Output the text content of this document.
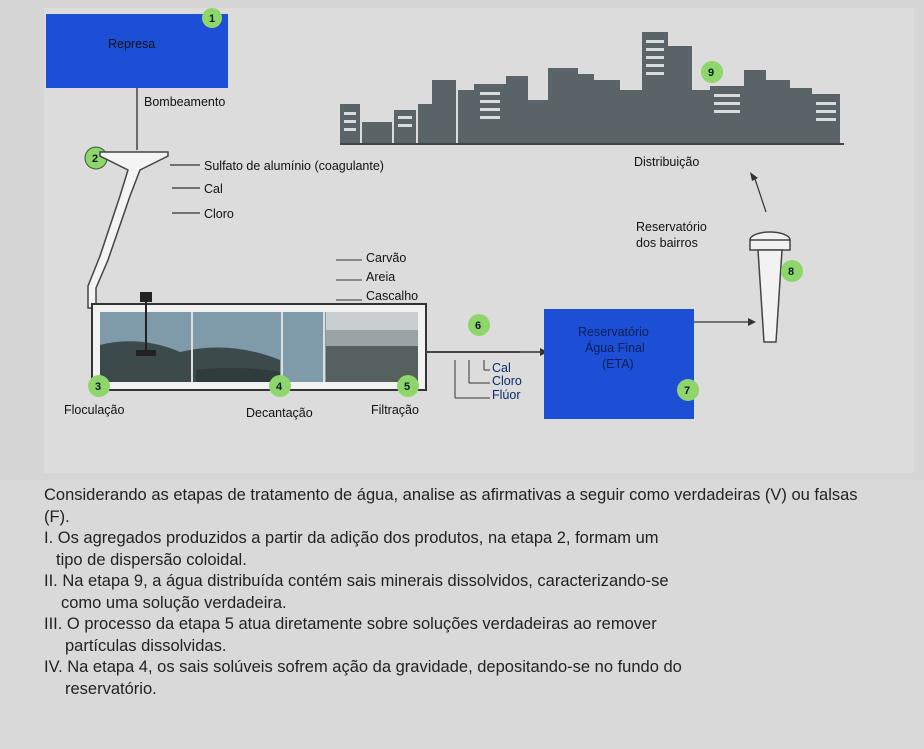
Represa
1
Bombeamento
2	Sulfato de alumínio (coagulante)
Cal
Cloro
Carvão
Areia
Cascalho
6
Cal
Cloro
Flúor
3	4	5
Floculação	Decantação	Filtração
Reservatório
Água Final
(ETA)
7
8
Reservatório
dos bairros
Distribuição
9

Considerando as etapas de tratamento de água, analise as afirmativas a seguir como verdadeiras (V) ou falsas (F).

I. Os agregados produzidos a partir da adição dos produtos, na etapa 2, formam um
tipo de dispersão coloidal.

II. Na etapa 9, a água distribuída contém sais minerais dissolvidos, caracterizando-se
como uma solução verdadeira.

III. O processo da etapa 5 atua diretamente sobre soluções verdadeiras ao remover
partículas dissolvidas.

IV. Na etapa 4, os sais solúveis sofrem ação da gravidade, depositando-se no fundo do
reservatório.
